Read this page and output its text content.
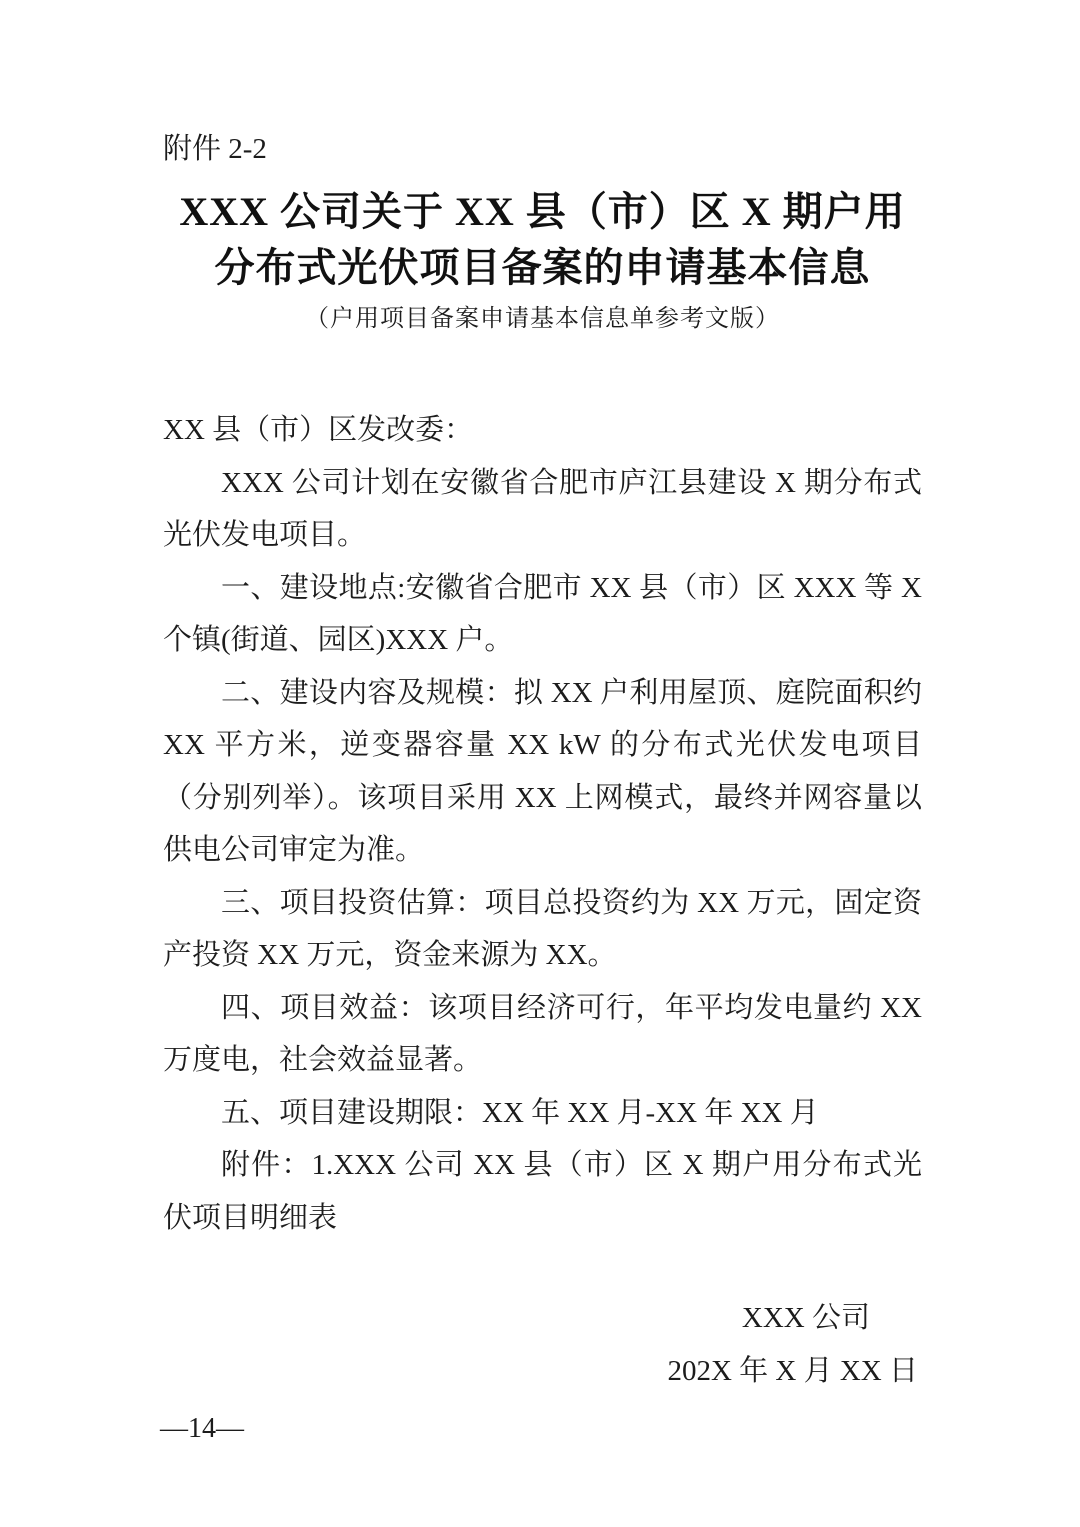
附件 2-2
XXX 公司关于 XX 县（市）区 X 期户用
分布式光伏项目备案的申请基本信息
（户用项目备案申请基本信息单参考文版）

XX 县（市）区发改委：

XXX 公司计划在安徽省合肥市庐江县建设 X 期分布式光伏发电项目。

一、建设地点:安徽省合肥市 XX 县（市）区 XXX 等 X 个镇(街道、园区)XXX 户。

二、建设内容及规模：拟 XX 户利用屋顶、庭院面积约 XX 平方米，逆变器容量 XX kW 的分布式光伏发电项目（分别列举）。该项目采用 XX 上网模式，最终并网容量以供电公司审定为准。

三、项目投资估算：项目总投资约为 XX 万元，固定资产投资 XX 万元，资金来源为 XX。

四、项目效益：该项目经济可行，年平均发电量约 XX 万度电，社会效益显著。

五、项目建设期限：XX 年 XX 月-XX 年 XX 月

附件：1.XXX 公司 XX 县（市）区 X 期户用分布式光伏项目明细表

XXX 公司
202X 年 X 月 XX 日
—14—
